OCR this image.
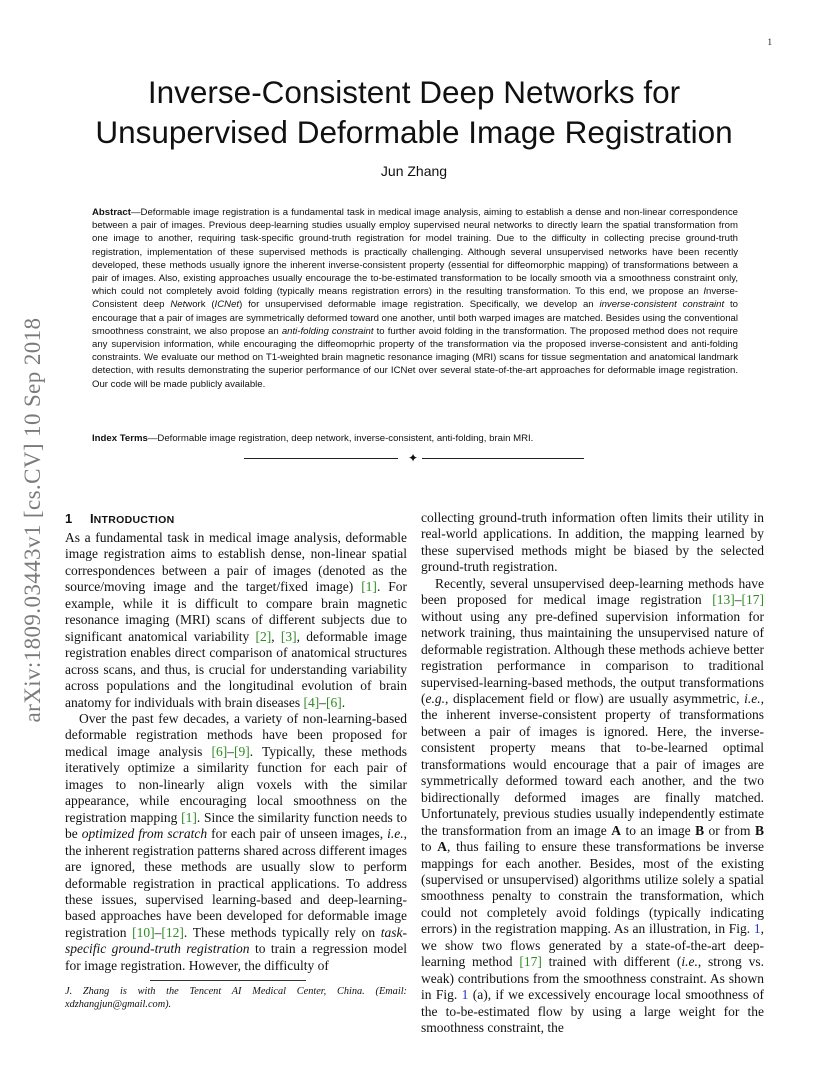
1
Inverse-Consistent Deep Networks for Unsupervised Deformable Image Registration
Jun Zhang

Abstract—Deformable image registration is a fundamental task in medical image analysis, aiming to establish a dense and non-linear correspondence between a pair of images. Previous deep-learning studies usually employ supervised neural networks to directly learn the spatial transformation from one image to another, requiring task-specific ground-truth registration for model training. Due to the difficulty in collecting precise ground-truth registration, implementation of these supervised methods is practically challenging. Although several unsupervised networks have been recently developed, these methods usually ignore the inherent inverse-consistent property (essential for diffeomorphic mapping) of transformations between a pair of images. Also, existing approaches usually encourage the to-be-estimated transformation to be locally smooth via a smoothness constraint only, which could not completely avoid folding (typically means registration errors) in the resulting transformation. To this end, we propose an Inverse-Consistent deep Network (ICNet) for unsupervised deformable image registration. Specifically, we develop an inverse-consistent constraint to encourage that a pair of images are symmetrically deformed toward one another, until both warped images are matched. Besides using the conventional smoothness constraint, we also propose an anti-folding constraint to further avoid folding in the transformation. The proposed method does not require any supervision information, while encouraging the diffeomoprhic property of the transformation via the proposed inverse-consistent and anti-folding constraints. We evaluate our method on T1-weighted brain magnetic resonance imaging (MRI) scans for tissue segmentation and anatomical landmark detection, with results demonstrating the superior performance of our ICNet over several state-of-the-art approaches for deformable image registration. Our code will be made publicly available.

Index Terms—Deformable image registration, deep network, inverse-consistent, anti-folding, brain MRI.

✦
arXiv:1809.03443v1 [cs.CV] 10 Sep 2018 1 INTRODUCTION

As a fundamental task in medical image analysis, deformable image registration aims to establish dense, non-linear spatial correspondences between a pair of images (denoted as the source/moving image and the target/fixed image) [1]. For example, while it is difficult to compare brain magnetic resonance imaging (MRI) scans of different subjects due to significant anatomical variability [2], [3], deformable image registration enables direct comparison of anatomical structures across scans, and thus, is crucial for understanding variability across populations and the longitudinal evolution of brain anatomy for individuals with brain diseases [4]–[6].

Over the past few decades, a variety of non-learning-based deformable registration methods have been proposed for medical image analysis [6]–[9]. Typically, these methods iteratively optimize a similarity function for each pair of images to non-linearly align voxels with the similar appearance, while encouraging local smoothness on the registration mapping [1]. Since the similarity function needs to be optimized from scratch for each pair of unseen images, i.e., the inherent registration patterns shared across different images are ignored, these methods are usually slow to perform deformable registration in practical applications. To address these issues, supervised learning-based and deep-learning-based approaches have been developed for deformable image registration [10]–[12]. These methods typically rely on task-specific ground-truth registration to train a regression model for image registration. However, the difficulty of

collecting ground-truth information often limits their utility in real-world applications. In addition, the mapping learned by these supervised methods might be biased by the selected ground-truth registration.

Recently, several unsupervised deep-learning methods have been proposed for medical image registration [13]–[17] without using any pre-defined supervision information for network training, thus maintaining the unsupervised nature of deformable registration. Although these methods achieve better registration performance in comparison to traditional supervised-learning-based methods, the output transformations (e.g., displacement field or flow) are usually asymmetric, i.e., the inherent inverse-consistent property of transformations between a pair of images is ignored. Here, the inverse-consistent property means that to-be-learned optimal transformations would encourage that a pair of images are symmetrically deformed toward each another, and the two bidirectionally deformed images are finally matched. Unfortunately, previous studies usually independently estimate the transformation from an image A to an image B or from B to A, thus failing to ensure these transformations be inverse mappings for each another. Besides, most of the existing (supervised or unsupervised) algorithms utilize solely a spatial smoothness penalty to constrain the transformation, which could not completely avoid foldings (typically indicating errors) in the registration mapping. As an illustration, in Fig. 1, we show two flows generated by a state-of-the-art deep-learning method [17] trained with different (i.e., strong vs. weak) contributions from the smoothness constraint. As shown in Fig. 1 (a), if we excessively encourage local smoothness of the to-be-estimated flow by using a large weight for the smoothness constraint, the

J. Zhang is with the Tencent AI Medical Center, China. (Email: xdzhangjun@gmail.com).
